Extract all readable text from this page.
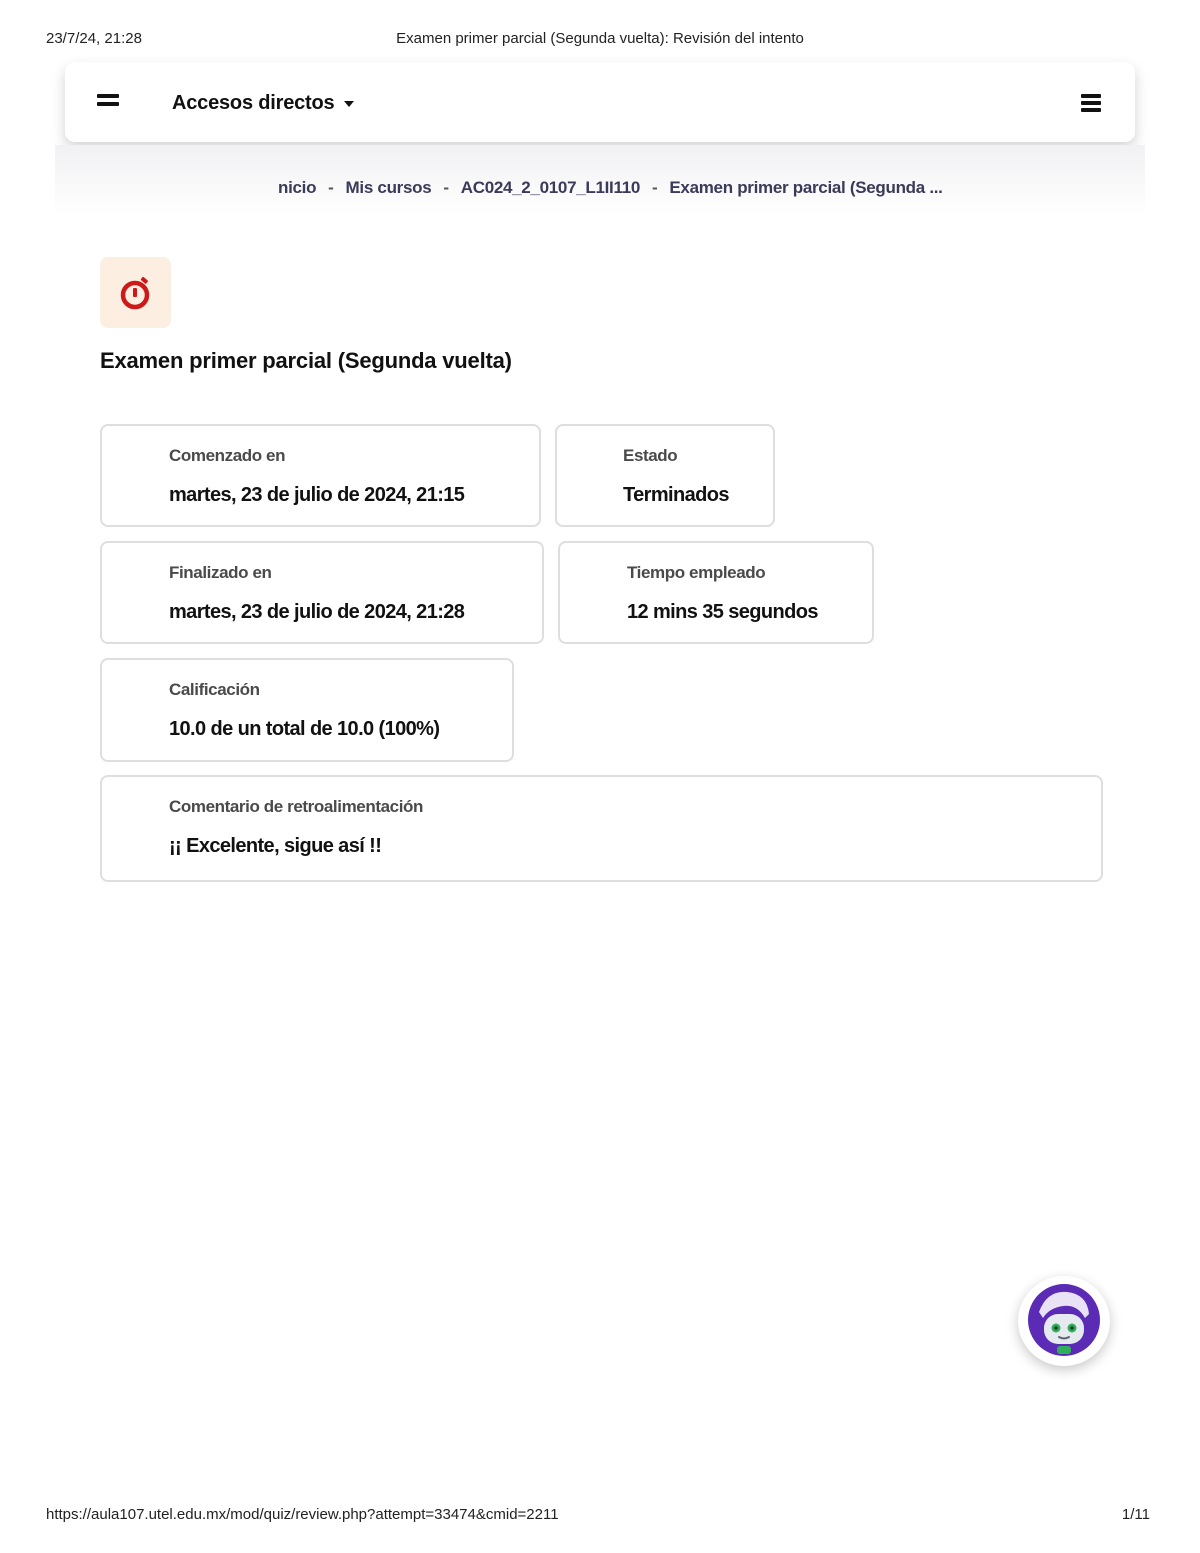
23/7/24, 21:28	Examen primer parcial (Segunda vuelta): Revisión del intento
Accesos directos
nicio - Mis cursos - AC024_2_0107_L1II110 - Examen primer parcial (Segunda ...
Examen primer parcial (Segunda vuelta)
Comenzado en
martes, 23 de julio de 2024, 21:15
Estado
Terminados
Finalizado en
martes, 23 de julio de 2024, 21:28
Tiempo empleado
12 mins 35 segundos
Calificación
10.0 de un total de 10.0 (100%)
Comentario de retroalimentación
¡¡ Excelente, sigue así !!
https://aula107.utel.edu.mx/mod/quiz/review.php?attempt=33474&cmid=2211	1/11
